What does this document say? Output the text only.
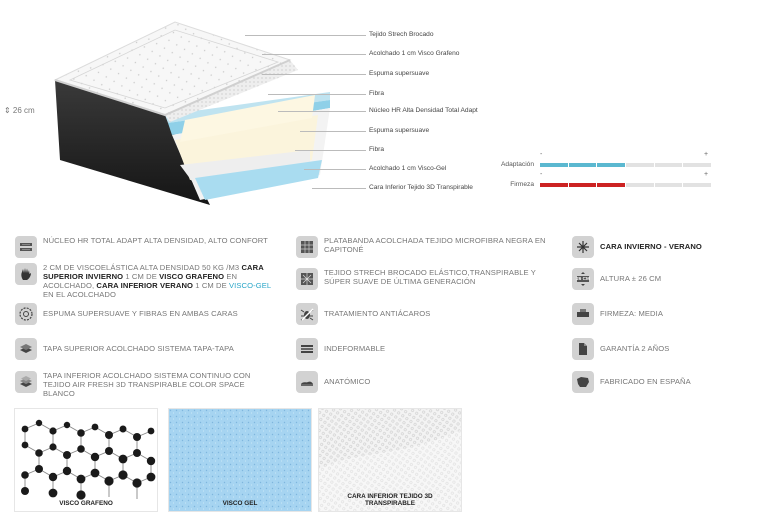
⇕ 26 cm
Tejido Strech Brocado
Acolchado 1 cm Visco Grafeno
Espuma supersuave
Fibra
Núcleo HR Alta Densidad Total Adapt
Espuma supersuave
Fibra
Acolchado 1 cm Visco-Gel
Cara Inferior Tejido 3D Transpirable
Adaptación
-	+
Firmeza
-	+
NÚCLEO HR TOTAL ADAPT ALTA DENSIDAD, ALTO CONFORT
2 CM DE VISCOELÁSTICA ALTA DENSIDAD 50 KG /M3 CARA SUPERIOR INVIERNO 1 CM DE VISCO GRAFENO EN ACOLCHADO, CARA INFERIOR VERANO 1 CM DE VISCO-GEL EN EL ACOLCHADO
ESPUMA SUPERSUAVE Y FIBRAS EN AMBAS CARAS
TAPA SUPERIOR ACOLCHADO SISTEMA TAPA-TAPA
TAPA INFERIOR ACOLCHADO SISTEMA CONTINUO CON TEJIDO AIR FRESH 3D TRANSPIRABLE COLOR SPACE BLANCO
PLATABANDA ACOLCHADA TEJIDO MICROFIBRA NEGRA EN CAPITONÉ
TEJIDO STRECH BROCADO ELÁSTICO,TRANSPIRABLE Y SÚPER SUAVE DE ÚLTIMA GENERACIÓN
TRATAMIENTO ANTIÁCAROS
INDEFORMABLE
ANATÓMICO
CARA INVIERNO - VERANO
26 CM	ALTURA ± 26 CM
FIRMEZA: MEDIA
GARANTÍA 2 AÑOS
FABRICADO EN ESPAÑA
VISCO GRAFENO	VISCO GEL
CARA INFERIOR TEJIDO 3D
TRANSPIRABLE
